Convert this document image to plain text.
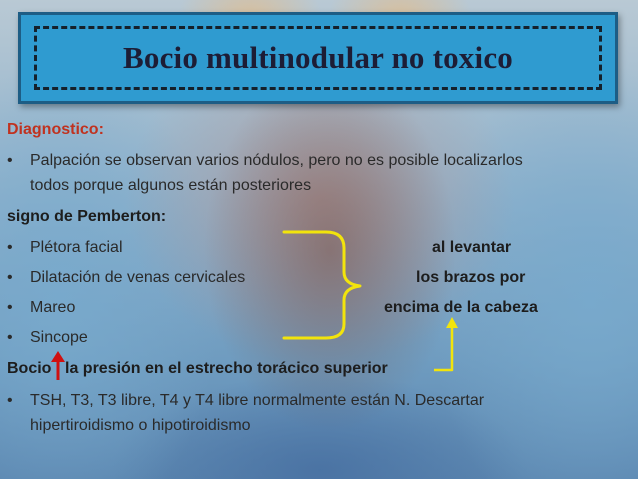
Bocio multinodular no toxico
Diagnostico:
• Palpación se observan varios nódulos, pero no es posible localizarlos
todos porque algunos están posteriores
signo de Pemberton:
• Plétora facial	al levantar
• Dilatación de venas cervicales	los brazos por
• Mareo	encima de la cabeza
• Sincope
Bocio la presión en el estrecho torácico superior
• TSH, T3, T3 libre, T4 y T4 libre normalmente están N. Descartar
hipertiroidismo o hipotiroidismo
